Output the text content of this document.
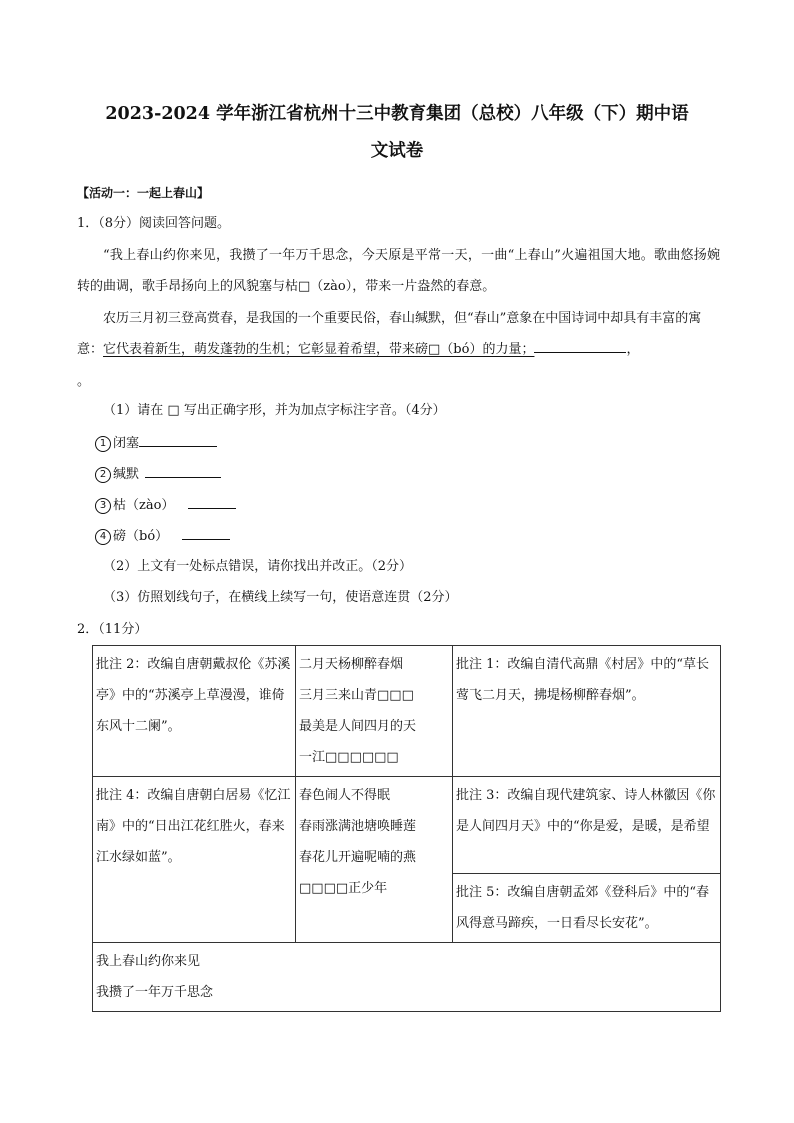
2023-2024 学年浙江省杭州十三中教育集团（总校）八年级（下）期中语
文试卷
【活动一：一起上春山】
1．（8分）阅读回答问题。
“我上春山约你来见，我攒了一年万千思念，今天原是平常一天，一曲“上春山”火遍祖国大地。歌曲悠扬婉转的曲调，歌手昂扬向上的风貌塞与枯□（zào），带来一片盎然的春意。
农历三月初三登高赏春，是我国的一个重要民俗，春山缄默，但“春山”意象在中国诗词中却具有丰富的寓意：它代表着新生，萌发蓬勃的生机；它彰显着希望，带来磅□（bó）的力量；	，
。
（1）请在 □ 写出正确字形，并为加点字标注字音。（4分）
1 闭塞
2 缄默
3 枯（zào）
4 磅（bó）
（2）上文有一处标点错误，请你找出并改正。（2分）
（3）仿照划线句子，在横线上续写一句，使语意连贯（2分）
2．（11分）
批注 2：改编自唐朝戴叔伦《苏溪亭》中的“苏溪亭上草漫漫，谁倚东风十二阑”。	二月天杨柳醉春烟
三月三来山青□□□
最美是人间四月的天
一江□□□□□□	批注 1：改编自清代高鼎《村居》中的“草长莺飞二月天，拂堤杨柳醉春烟”。
批注 4：改编自唐朝白居易《忆江南》中的“日出江花红胜火，春来江水绿如蓝”。	春色闹人不得眠
春雨涨满池塘唤睡莲
春花儿开遍呢喃的燕
□□□□正少年	批注 3：改编自现代建筑家、诗人林徽因《你是人间四月天》中的“你是爱，是暖，是希望
		批注 5：改编自唐朝孟郊《登科后》中的“春风得意马蹄疾，一日看尽长安花”。
我上春山约你来见
我攒了一年万千思念		
